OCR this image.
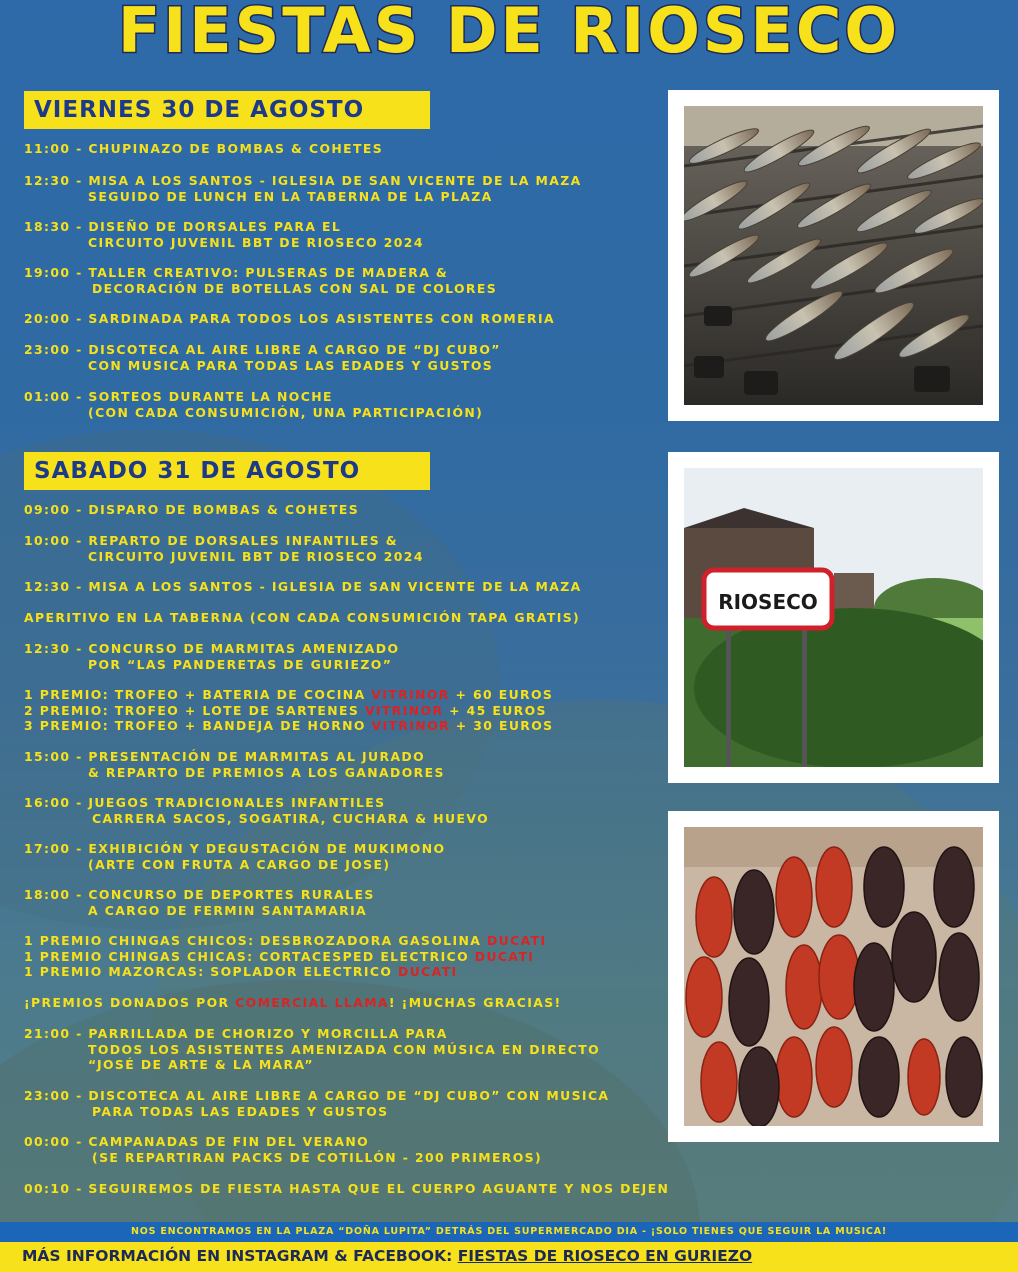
FIESTAS DE RIOSECO
VIERNES 30 DE AGOSTO
11:00 - CHUPINAZO DE BOMBAS & COHETES
12:30 - MISA A LOS SANTOS - IGLESIA DE SAN VICENTE DE LA MAZA
SEGUIDO DE LUNCH EN LA TABERNA DE LA PLAZA
18:30 - DISEÑO DE DORSALES PARA EL
CIRCUITO JUVENIL BBT DE RIOSECO 2024
19:00 - TALLER CREATIVO: PULSERAS DE MADERA &
DECORACIÓN DE BOTELLAS CON SAL DE COLORES
20:00 - SARDINADA PARA TODOS LOS ASISTENTES CON ROMERIA
23:00 - DISCOTECA AL AIRE LIBRE A CARGO DE “DJ CUBO”
CON MUSICA PARA TODAS LAS EDADES Y GUSTOS
01:00 - SORTEOS DURANTE LA NOCHE
(CON CADA CONSUMICIÓN, UNA PARTICIPACIÓN)
SABADO 31 DE AGOSTO
09:00 - DISPARO DE BOMBAS & COHETES
10:00 - REPARTO DE DORSALES INFANTILES &
CIRCUITO JUVENIL BBT DE RIOSECO 2024
12:30 - MISA A LOS SANTOS - IGLESIA DE SAN VICENTE DE LA MAZA
APERITIVO EN LA TABERNA (CON CADA CONSUMICIÓN TAPA GRATIS)
12:30 - CONCURSO DE MARMITAS AMENIZADO
POR “LAS PANDERETAS DE GURIEZO”
1 PREMIO: TROFEO + BATERIA DE COCINA VITRINOR + 60 EUROS
2 PREMIO: TROFEO + LOTE DE SARTENES VITRINOR + 45 EUROS
3 PREMIO: TROFEO + BANDEJA DE HORNO VITRINOR + 30 EUROS
15:00 - PRESENTACIÓN DE MARMITAS AL JURADO
& REPARTO DE PREMIOS A LOS GANADORES
16:00 - JUEGOS TRADICIONALES INFANTILES
CARRERA SACOS, SOGATIRA, CUCHARA & HUEVO
17:00 - EXHIBICIÓN Y DEGUSTACIÓN DE MUKIMONO
(ARTE CON FRUTA A CARGO DE JOSE)
18:00 - CONCURSO DE DEPORTES RURALES
A CARGO DE FERMIN SANTAMARIA
1 PREMIO CHINGAS CHICOS: DESBROZADORA GASOLINA DUCATI
1 PREMIO CHINGAS CHICAS: CORTACESPED ELECTRICO DUCATI
1 PREMIO MAZORCAS: SOPLADOR ELECTRICO DUCATI
¡PREMIOS DONADOS POR COMERCIAL LLAMA! ¡MUCHAS GRACIAS!
21:00 - PARRILLADA DE CHORIZO Y MORCILLA PARA
TODOS LOS ASISTENTES AMENIZADA CON MÚSICA EN DIRECTO
“JOSÉ DE ARTE & LA MARA”
23:00 - DISCOTECA AL AIRE LIBRE A CARGO DE “DJ CUBO” CON MUSICA
PARA TODAS LAS EDADES Y GUSTOS
00:00 - CAMPANADAS DE FIN DEL VERANO
(SE REPARTIRAN PACKS DE COTILLÓN - 200 PRIMEROS)
00:10 - SEGUIREMOS DE FIESTA HASTA QUE EL CUERPO AGUANTE Y NOS DEJEN
RIOSECO
NOS ENCONTRAMOS EN LA PLAZA “DOÑA LUPITA” DETRÁS DEL SUPERMERCADO DIA - ¡SOLO TIENES QUE SEGUIR LA MUSICA!
MÁS INFORMACIÓN EN INSTAGRAM & FACEBOOK: FIESTAS DE RIOSECO EN GURIEZO
